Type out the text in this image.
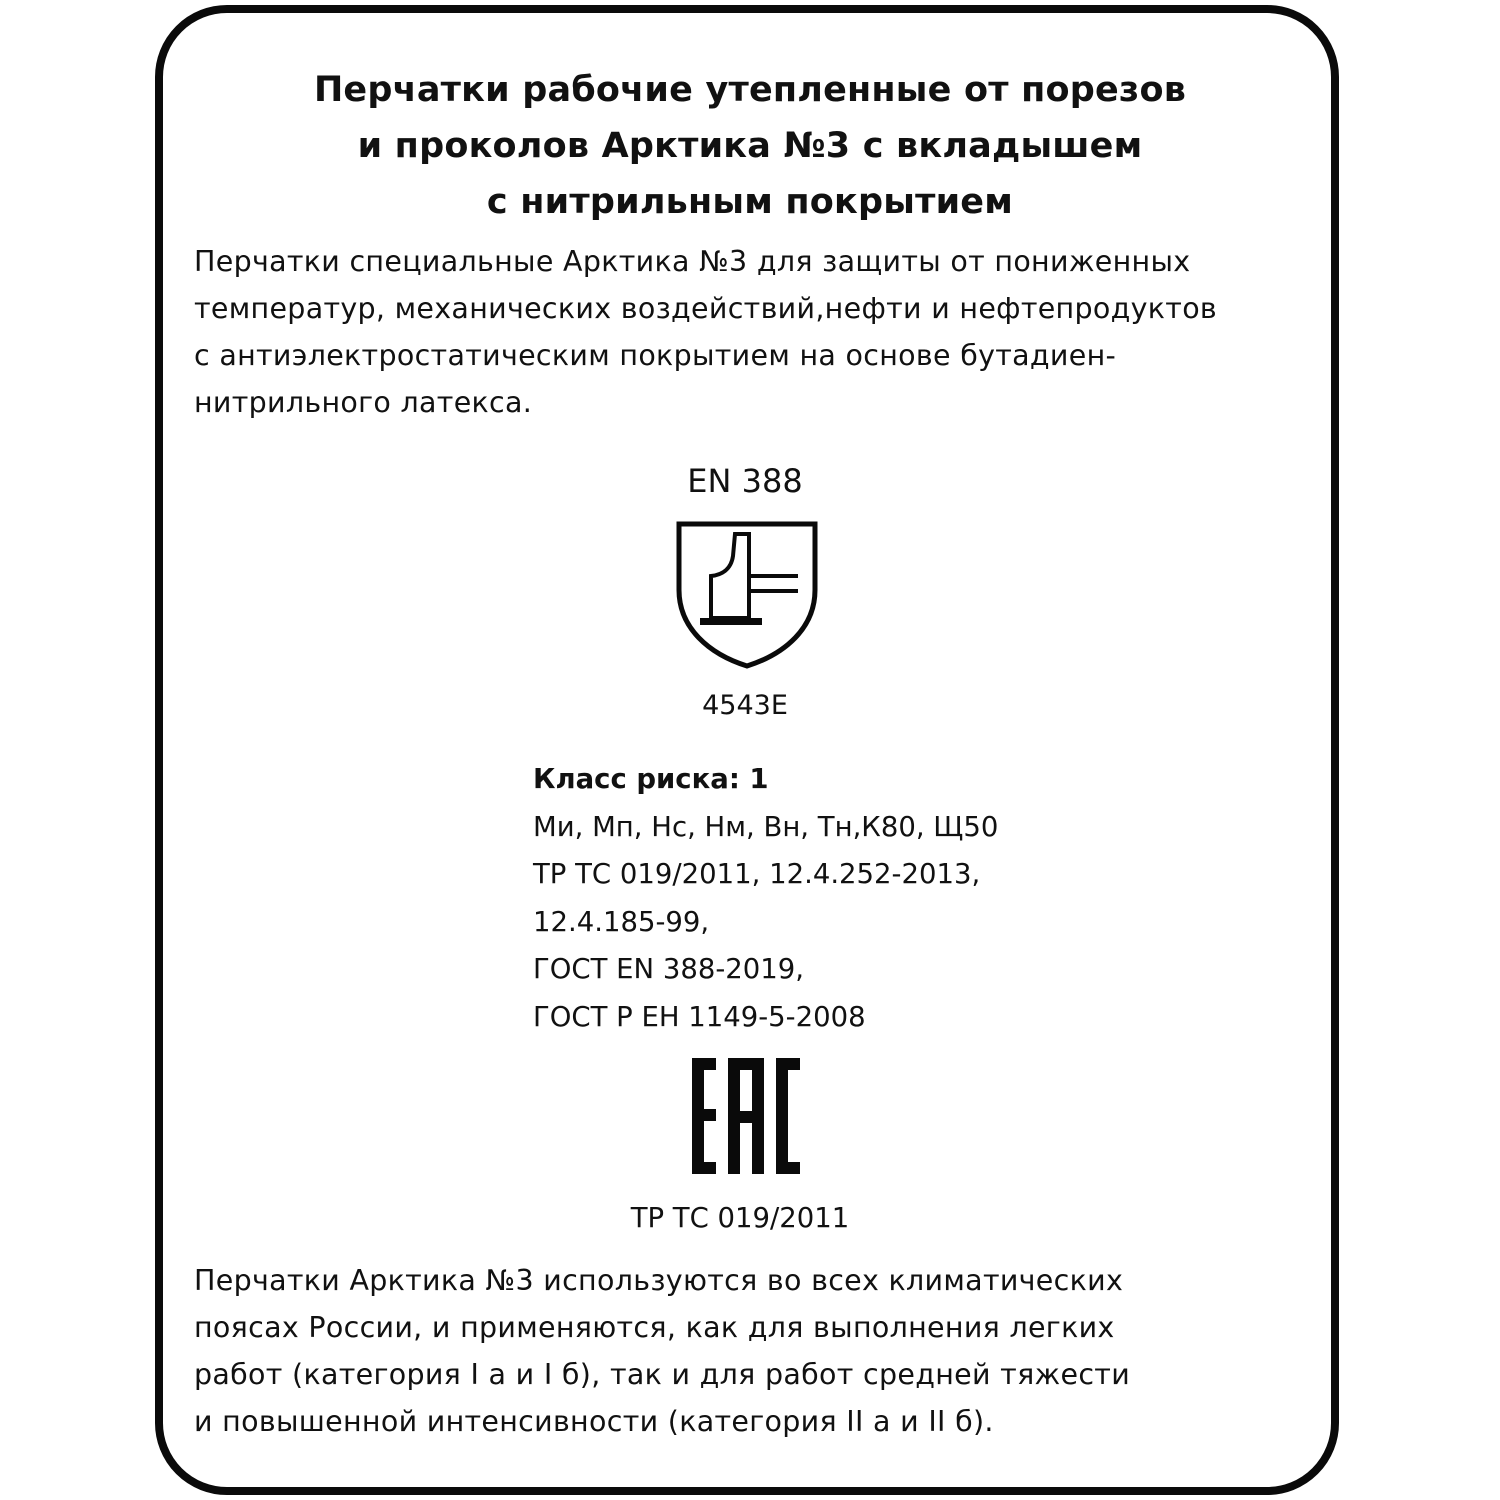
Перчатки рабочие утепленные от порезов
и проколов Арктика №3 с вкладышем
с нитрильным покрытием
Перчатки специальные Арктика №3 для защиты от пониженных
температур, механических воздействий,нефти и нефтепродуктов
с антиэлектростатическим покрытием на основе бутадиен-
нитрильного латекса.
EN 388
4543E
Класс риска: 1
Ми, Мп, Нс, Нм, Вн, Тн,К80, Щ50
ТР ТС 019/2011, 12.4.252-2013,
12.4.185-99,
ГОСТ EN 388-2019,
ГОСТ Р ЕН 1149-5-2008
ТР ТС 019/2011
Перчатки Арктика №3 используются во всех климатических
поясах России, и применяются, как для выполнения легких
работ (категория I а и I б), так и для работ средней тяжести
и повышенной интенсивности (категория II а и II б).
